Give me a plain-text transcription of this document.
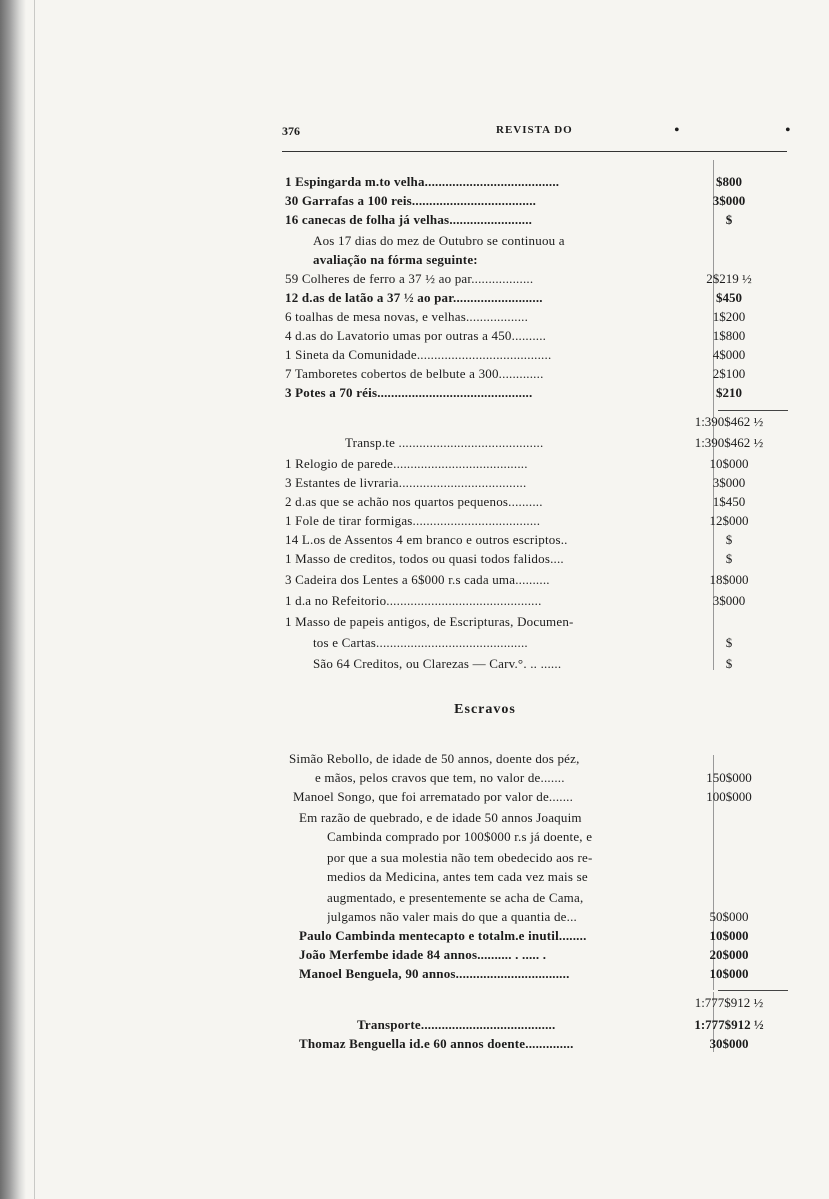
376	REVISTA DO	•	•
1 Espingarda m.to velha.......................................	$800
30 Garrafas a 100 reis....................................	3$000
16 canecas de folha já velhas........................	$
Aos 17 dias do mez de Outubro se continuou a
avaliação na fórma seguinte:
59 Colheres de ferro a 37 ½ ao par..................	2$219 ½
12 d.as de latão a 37 ½ ao par..........................	$450
6 toalhas de mesa novas, e velhas..................	1$200
4 d.as do Lavatorio umas por outras a 450..........	1$800
1 Sineta da Comunidade.......................................	4$000
7 Tamboretes cobertos de belbute a 300.............	2$100
3 Potes a 70 réis.............................................	$210
1:390$462 ½
Transp.te ..........................................	1:390$462 ½
1 Relogio de parede.......................................	10$000
3 Estantes de livraria.....................................	3$000
2 d.as que se achão nos quartos pequenos..........	1$450
1 Fole de tirar formigas.....................................	12$000
14 L.os de Assentos 4 em branco e outros escriptos..	$
1 Masso de creditos, todos ou quasi todos falidos....	$
3 Cadeira dos Lentes a 6$000 r.s cada uma..........	18$000
1 d.a no Refeitorio.............................................	3$000
1 Masso de papeis antigos, de Escripturas, Documen-
tos e Cartas............................................	$
São 64 Creditos, ou Clarezas — Carv.°. .. ......	$
Escravos
Simão Rebollo, de idade de 50 annos, doente dos péz,
e mãos, pelos cravos que tem, no valor de.......	150$000
Manoel Songo, que foi arrematado por valor de.......	100$000
Em razão de quebrado, e de idade 50 annos Joaquim
Cambinda comprado por 100$000 r.s já doente, e
por que a sua molestia não tem obedecido aos re-
medios da Medicina, antes tem cada vez mais se
augmentado, e presentemente se acha de Cama,
julgamos não valer mais do que a quantia de...	50$000
Paulo Cambinda mentecapto e totalm.e inutil........	10$000
João Merfembe idade 84 annos.......... . ..... .	20$000
Manoel Benguela, 90 annos.................................	10$000
1:777$912 ½
Transporte.......................................	1:777$912 ½
Thomaz Benguella id.e 60 annos doente..............	30$000
